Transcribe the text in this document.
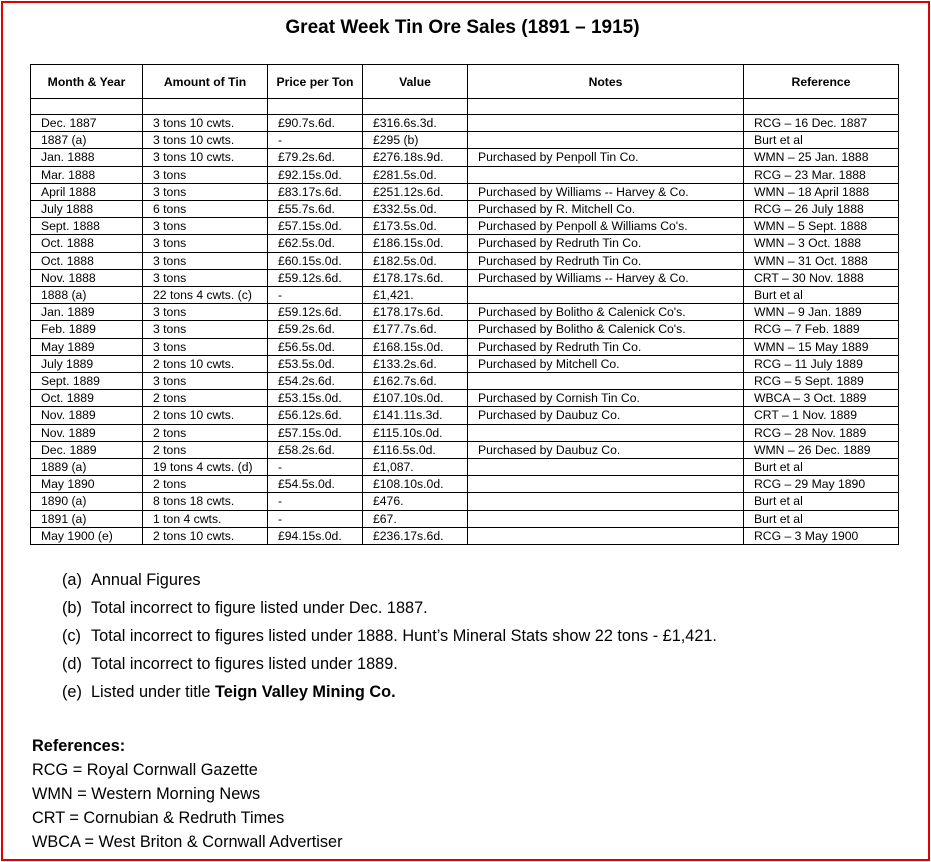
Great Week Tin Ore Sales (1891 – 1915)
Month & Year	Amount of Tin	Price per Ton	Value	Notes	Reference

Dec. 1887	3 tons 10 cwts.	£90.7s.6d.	£316.6s.3d.		RCG – 16 Dec. 1887
1887 (a)	3 tons 10 cwts.	-	£295 (b)		Burt et al
Jan. 1888	3 tons 10 cwts.	£79.2s.6d.	£276.18s.9d.	Purchased by Penpoll Tin Co.	WMN – 25 Jan. 1888
Mar. 1888	3 tons	£92.15s.0d.	£281.5s.0d.		RCG – 23 Mar. 1888
April 1888	3 tons	£83.17s.6d.	£251.12s.6d.	Purchased by Williams -- Harvey & Co.	WMN – 18 April 1888
July 1888	6 tons	£55.7s.6d.	£332.5s.0d.	Purchased by R. Mitchell Co.	RCG – 26 July 1888
Sept. 1888	3 tons	£57.15s.0d.	£173.5s.0d.	Purchased by Penpoll & Williams Co's.	WMN – 5 Sept. 1888
Oct. 1888	3 tons	£62.5s.0d.	£186.15s.0d.	Purchased by Redruth Tin Co.	WMN – 3 Oct. 1888
Oct. 1888	3 tons	£60.15s.0d.	£182.5s.0d.	Purchased by Redruth Tin Co.	WMN – 31 Oct. 1888
Nov. 1888	3 tons	£59.12s.6d.	£178.17s.6d.	Purchased by Williams -- Harvey & Co.	CRT – 30 Nov. 1888
1888 (a)	22 tons 4 cwts. (c)	-	£1,421.		Burt et al
Jan. 1889	3 tons	£59.12s.6d.	£178.17s.6d.	Purchased by Bolitho & Calenick Co's.	WMN – 9 Jan. 1889
Feb. 1889	3 tons	£59.2s.6d.	£177.7s.6d.	Purchased by Bolitho & Calenick Co's.	RCG – 7 Feb. 1889
May 1889	3 tons	£56.5s.0d.	£168.15s.0d.	Purchased by Redruth Tin Co.	WMN – 15 May 1889
July 1889	2 tons 10 cwts.	£53.5s.0d.	£133.2s.6d.	Purchased by Mitchell Co.	RCG – 11 July 1889
Sept. 1889	3 tons	£54.2s.6d.	£162.7s.6d.		RCG – 5 Sept. 1889
Oct. 1889	2 tons	£53.15s.0d.	£107.10s.0d.	Purchased by Cornish Tin Co.	WBCA – 3 Oct. 1889
Nov. 1889	2 tons 10 cwts.	£56.12s.6d.	£141.11s.3d.	Purchased by Daubuz Co.	CRT – 1 Nov. 1889
Nov. 1889	2 tons	£57.15s.0d.	£115.10s.0d.		RCG – 28 Nov. 1889
Dec. 1889	2 tons	£58.2s.6d.	£116.5s.0d.	Purchased by Daubuz Co.	WMN – 26 Dec. 1889
1889 (a)	19 tons 4 cwts. (d)	-	£1,087.		Burt et al
May 1890	2 tons	£54.5s.0d.	£108.10s.0d.		RCG – 29 May 1890
1890 (a)	8 tons 18 cwts.	-	£476.		Burt et al
1891 (a)	1 ton 4 cwts.	-	£67.		Burt et al
May 1900 (e)	2 tons 10 cwts.	£94.15s.0d.	£236.17s.6d.		RCG – 3 May 1900
(a) Annual Figures
(b) Total incorrect to figure listed under Dec. 1887.
(c) Total incorrect to figures listed under 1888. Hunt’s Mineral Stats show 22 tons - £1,421.
(d) Total incorrect to figures listed under 1889.
(e) Listed under title Teign Valley Mining Co.
References:
RCG = Royal Cornwall Gazette
WMN = Western Morning News
CRT = Cornubian & Redruth Times
WBCA = West Briton & Cornwall Advertiser
